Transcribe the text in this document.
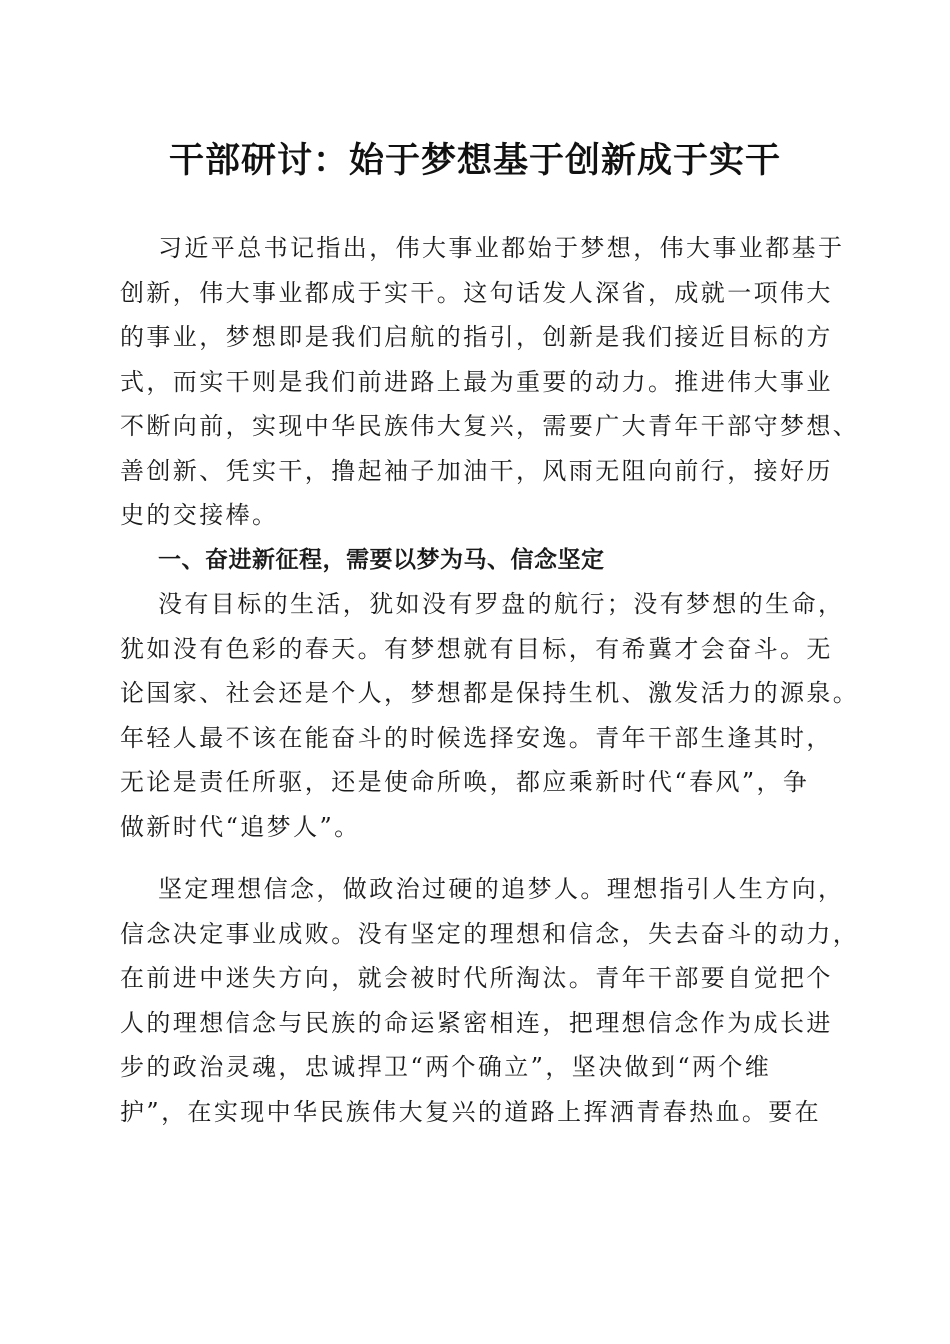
干部研讨：始于梦想基于创新成于实干
习近平总书记指出，伟大事业都始于梦想，伟大事业都基于
创新，伟大事业都成于实干。这句话发人深省，成就一项伟大
的事业，梦想即是我们启航的指引，创新是我们接近目标的方
式，而实干则是我们前进路上最为重要的动力。推进伟大事业
不断向前，实现中华民族伟大复兴，需要广大青年干部守梦想、
善创新、凭实干，撸起袖子加油干，风雨无阻向前行，接好历
史的交接棒。
一、奋进新征程，需要以梦为马、信念坚定
没有目标的生活，犹如没有罗盘的航行；没有梦想的生命，
犹如没有色彩的春天。有梦想就有目标，有希冀才会奋斗。无
论国家、社会还是个人，梦想都是保持生机、激发活力的源泉。
年轻人最不该在能奋斗的时候选择安逸。青年干部生逢其时，
无论是责任所驱，还是使命所唤，都应乘新时代“春风”，争
做新时代“追梦人”。
坚定理想信念，做政治过硬的追梦人。理想指引人生方向，
信念决定事业成败。没有坚定的理想和信念，失去奋斗的动力，
在前进中迷失方向，就会被时代所淘汰。青年干部要自觉把个
人的理想信念与民族的命运紧密相连，把理想信念作为成长进
步的政治灵魂，忠诚捍卫“两个确立”，坚决做到“两个维
护”，在实现中华民族伟大复兴的道路上挥洒青春热血。要在
